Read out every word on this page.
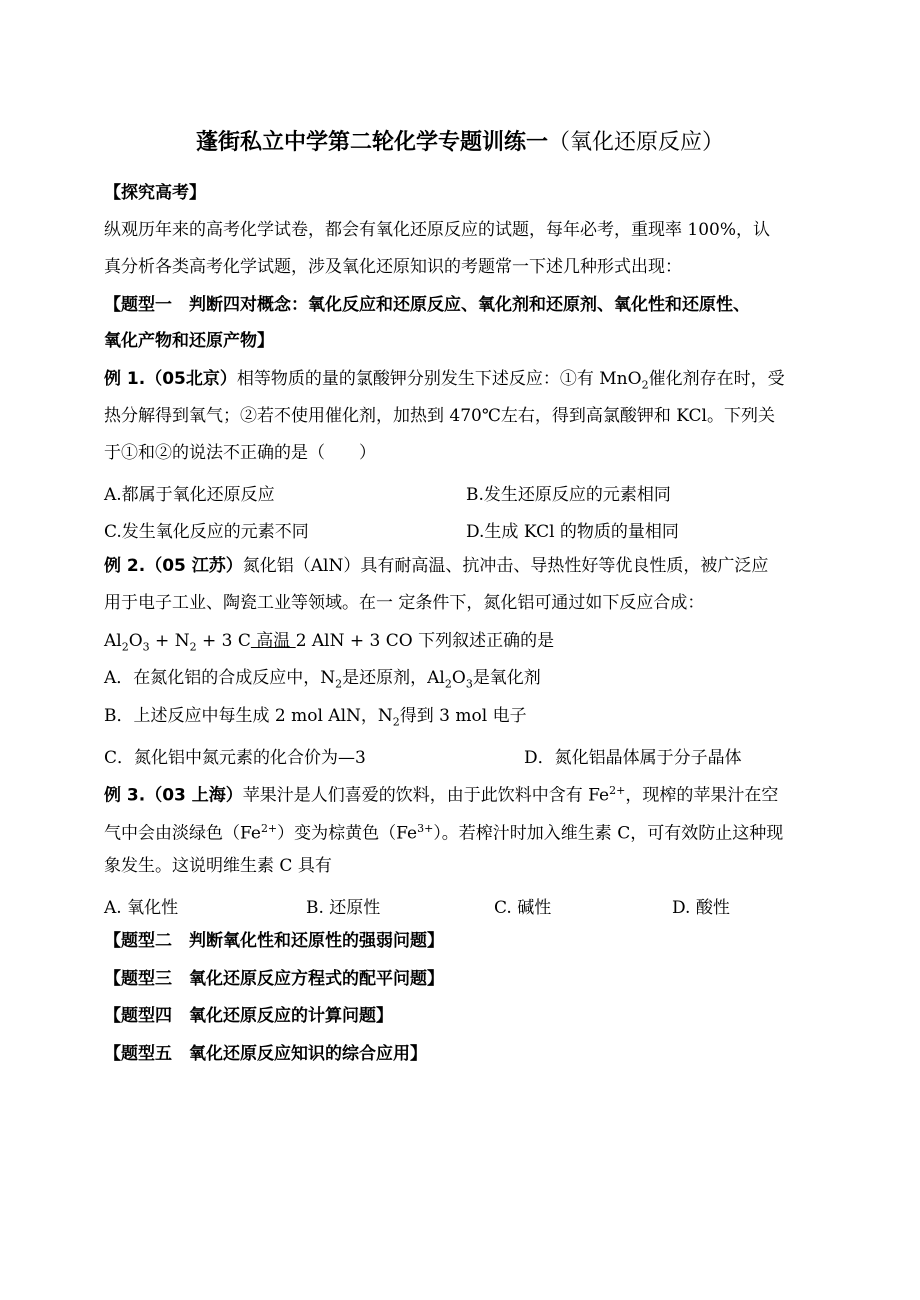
蓬街私立中学第二轮化学专题训练一（氧化还原反应）
【探究高考】
纵观历年来的高考化学试卷，都会有氧化还原反应的试题，每年必考，重现率 100%，认
真分析各类高考化学试题，涉及氧化还原知识的考题常一下述几种形式出现：
【题型一　判断四对概念：氧化反应和还原反应、氧化剂和还原剂、氧化性和还原性、
氧化产物和还原产物】
例 1.（05北京）相等物质的量的氯酸钾分别发生下述反应：①有 MnO$_2$催化剂存在时，受
热分解得到氧气；②若不使用催化剂，加热到 470℃左右，得到高氯酸钾和 KCl。下列关
于①和②的说法不正确的是（　　）
A.都属于氧化还原反应	B.发生还原反应的元素相同
C.发生氧化反应的元素不同	D.生成 KCl 的物质的量相同
例 2.（05 江苏）氮化铝（AlN）具有耐高温、抗冲击、导热性好等优良性质，被广泛应
用于电子工业、陶瓷工业等领域。在一 定条件下，氮化铝可通过如下反应合成：
$Al_2O_3 + N_2 + 3$ C 高温 2 AlN + 3 CO 下列叙述正确的是
A．在氮化铝的合成反应中，$N_2$是还原剂，$Al_2O_3$是氧化剂
B．上述反应中每生成 2 mol AlN，$N_2$得到 3 mol 电子
C．氮化铝中氮元素的化合价为—3	D．氮化铝晶体属于分子晶体
例 3.（03 上海）苹果汁是人们喜爱的饮料，由于此饮料中含有 $Fe^{2+}$，现榨的苹果汁在空
气中会由淡绿色$(Fe^{2+})$变为棕黄色$(Fe^{3+})$。若榨汁时加入维生素 C，可有效防止这种现
象发生。这说明维生素 C 具有
A. 氧化性	B. 还原性	C. 碱性	D. 酸性
【题型二　判断氧化性和还原性的强弱问题】
【题型三　氧化还原反应方程式的配平问题】
【题型四　氧化还原反应的计算问题】
【题型五　氧化还原反应知识的综合应用】
